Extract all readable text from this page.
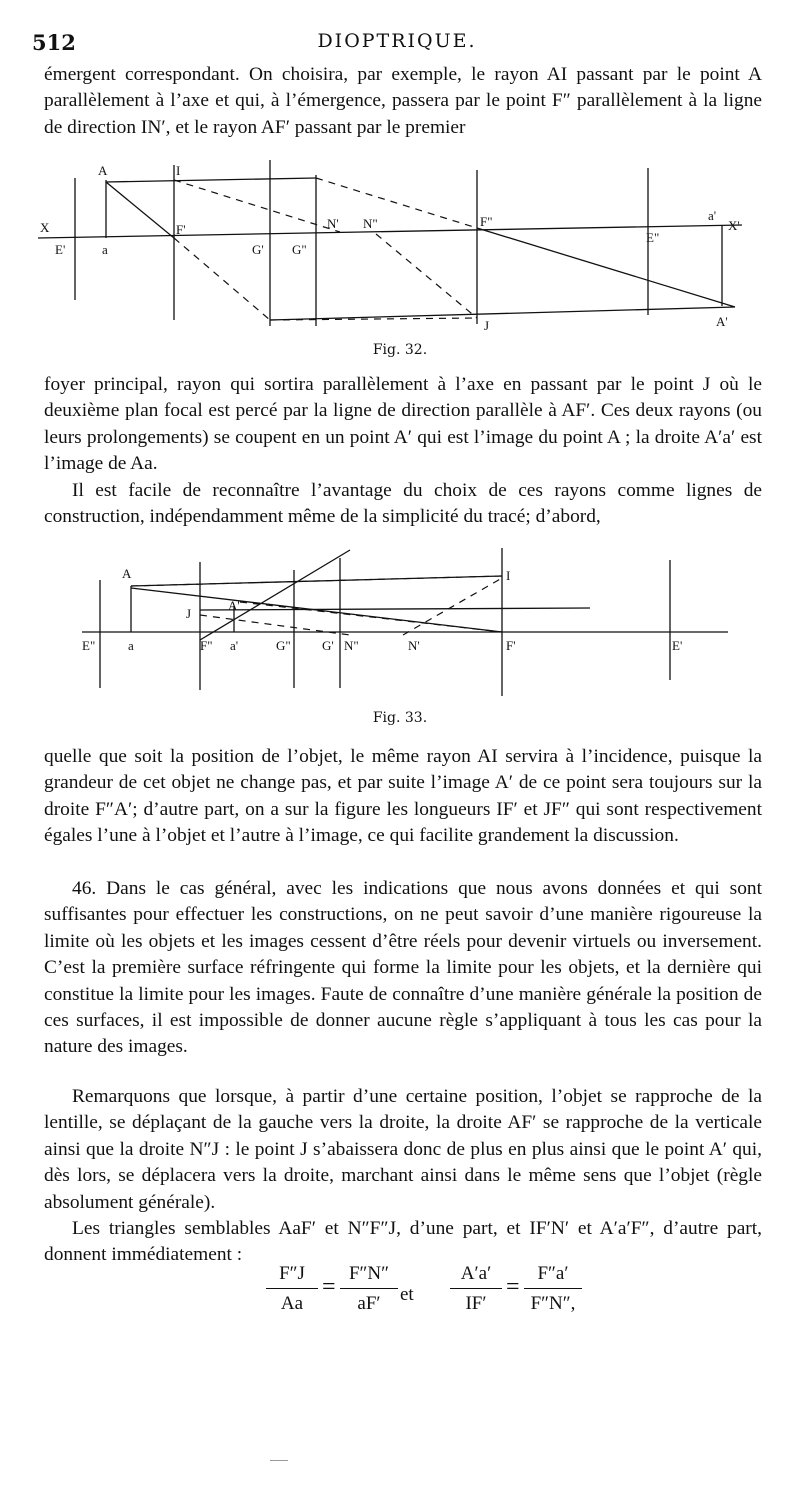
512	DIOPTRIQUE.

émergent correspondant. On choisira, par exemple, le rayon AI passant par le point A parallèlement à l’axe et qui, à l’émergence, passera par le point F″ parallèlement à la ligne de direction IN′, et le rayon AF′ passant par le premier

A	I
X
E'	a
F'
G' G"
N' N"	F"
E"
a'
X'
J	A'
Fig. 32.

foyer principal, rayon qui sortira parallèlement à l’axe en passant par le point J où le deuxième plan focal est percé par la ligne de direction parallèle à AF′. Ces deux rayons (ou leurs prolongements) se coupent en un point A′ qui est l’image du point A ; la droite A′a′ est l’image de Aa.

Il est facile de reconnaître l’avantage du choix de ces rayons comme lignes de construction, indépendamment même de la simplicité du tracé; d’abord,

A	I
J
A'
E"	a	F" a'	G" G' N"	N'	F'	E'
Fig. 33.

quelle que soit la position de l’objet, le même rayon AI servira à l’incidence, puisque la grandeur de cet objet ne change pas, et par suite l’image A′ de ce point sera toujours sur la droite F″A′; d’autre part, on a sur la figure les longueurs IF′ et JF″ qui sont respectivement égales l’une à l’objet et l’autre à l’image, ce qui facilite grandement la discussion.

46. Dans le cas général, avec les indications que nous avons données et qui sont suffisantes pour effectuer les constructions, on ne peut savoir d’une manière rigoureuse la limite où les objets et les images cessent d’être réels pour devenir virtuels ou inversement. C’est la première surface réfringente qui forme la limite pour les objets, et la dernière qui constitue la limite pour les images. Faute de connaître d’une manière générale la position de ces surfaces, il est impossible de donner aucune règle s’appliquant à tous les cas pour la nature des images.

Remarquons que lorsque, à partir d’une certaine position, l’objet se rapproche de la lentille, se déplaçant de la gauche vers la droite, la droite AF′ se rapproche de la verticale ainsi que la droite N″J : le point J s’abaissera donc de plus en plus ainsi que le point A′ qui, dès lors, se déplacera vers la droite, marchant ainsi dans le même sens que l’objet (règle absolument générale).

Les triangles semblables AaF′ et N″F″J, d’une part, et IF′N′ et A′a′F″, d’autre part, donnent immédiatement :

$\frac{F''J}{Aa} = \frac{F''N''}{aF'}$ et $\frac{A'a'}{IF'} = \frac{F''a'}{F''N'',}$
